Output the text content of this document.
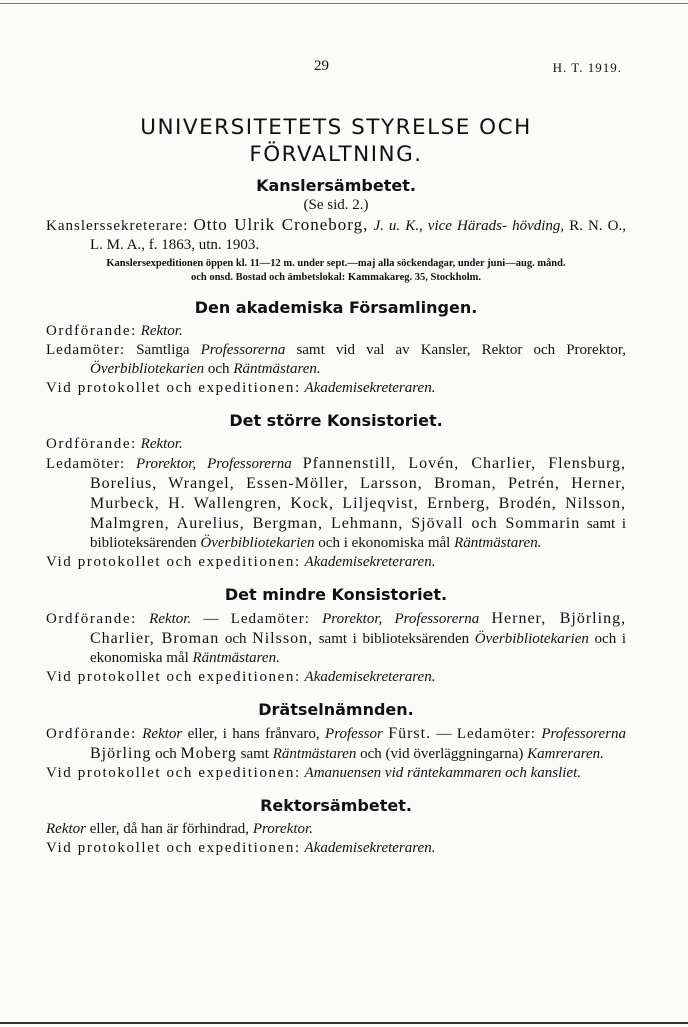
29	H. T. 1919.
UNIVERSITETETS STYRELSE OCH
FÖRVALTNING.
Kanslersämbetet.
(Se sid. 2.)

Kanslerssekreterare: Otto Ulrik Croneborg, J. u. K., vice Härads- hövding, R. N. O., L. M. A., f. 1863, utn. 1903.

Kanslersexpeditionen öppen kl. 11—12 m. under sept.—maj alla söckendagar, under juni—aug. månd.
och onsd. Bostad och ämbetslokal: Kammakareg. 35, Stockholm.
Den akademiska Församlingen.

Ordförande: Rektor.

Ledamöter: Samtliga Professorerna samt vid val av Kansler, Rektor och Prorektor, Överbibliotekarien och Räntmästaren.

Vid protokollet och expeditionen: Akademisekreteraren.

Det större Konsistoriet.

Ordförande: Rektor.

Ledamöter: Prorektor, Professorerna Pfannenstill, Lovén, Charlier, Flensburg, Borelius, Wrangel, Essen-Möller, Larsson, Broman, Petrén, Herner, Murbeck, H. Wallengren, Kock, Liljeqvist, Ernberg, Brodén, Nilsson, Malmgren, Aurelius, Bergman, Lehmann, Sjövall och Sommarin samt i biblioteksärenden Överbibliotekarien och i ekonomiska mål Räntmästaren.

Vid protokollet och expeditionen: Akademisekreteraren.

Det mindre Konsistoriet.

Ordförande: Rektor. — Ledamöter: Prorektor, Professorerna Herner, Björling, Charlier, Broman och Nilsson, samt i biblioteksärenden Överbibliotekarien och i ekonomiska mål Räntmästaren.

Vid protokollet och expeditionen: Akademisekreteraren.

Drätselnämnden.

Ordförande: Rektor eller, i hans frånvaro, Professor Fürst. — Ledamöter: Professorerna Björling och Moberg samt Räntmästaren och (vid överläggningarna) Kamreraren.

Vid protokollet och expeditionen: Amanuensen vid räntekammaren och kansliet.

Rektorsämbetet.

Rektor eller, då han är förhindrad, Prorektor.

Vid protokollet och expeditionen: Akademisekreteraren.
